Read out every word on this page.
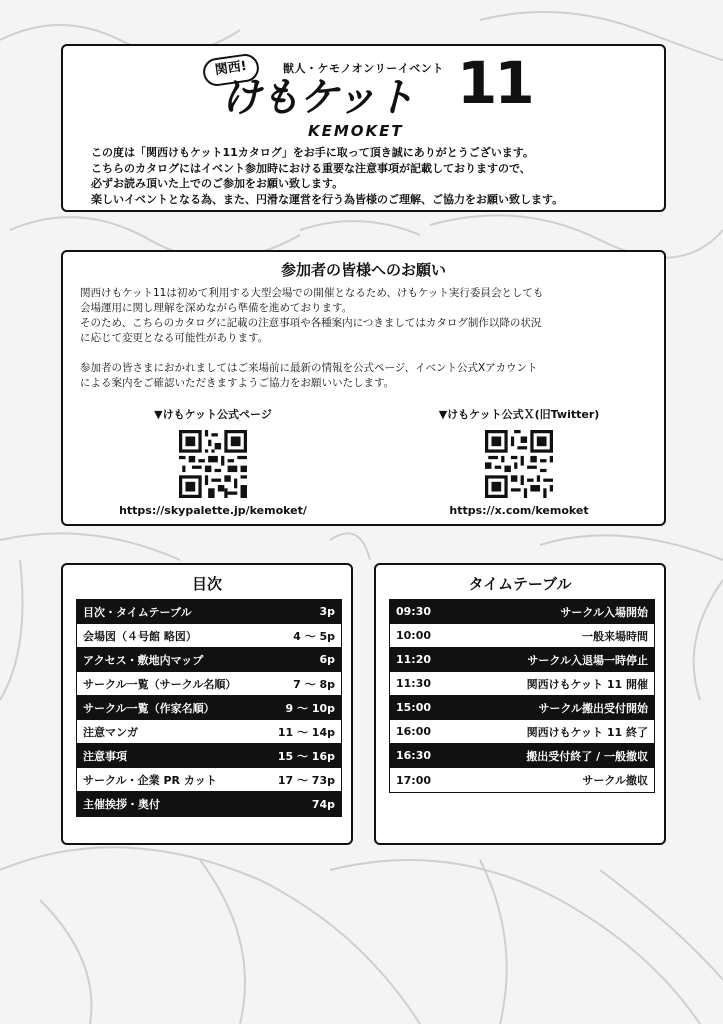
関西!	獣人・ケモノオンリーイベント
けもケット 11
KEMOKET

この度は「関西けもケット11カタログ」をお手に取って頂き誠にありがとうございます。

こちらのカタログにはイベント参加時における重要な注意事項が記載しておりますので、

必ずお読み頂いた上でのご参加をお願い致します。

楽しいイベントとなる為、また、円滑な運営を行う為皆様のご理解、ご協力をお願い致します。

参加者の皆様へのお願い

関西けもケット11は初めて利用する大型会場での開催となるため、けもケット実行委員会としても

会場運用に関し理解を深めながら準備を進めております。

そのため、こちらのカタログに記載の注意事項や各種案内につきましてはカタログ制作以降の状況

に応じて変更となる可能性があります。

参加者の皆さまにおかれましてはご来場前に最新の情報を公式ページ、イベント公式Xアカウント

による案内をご確認いただきますようご協力をお願いいたします。

▼けもケット公式ページ
https://skypalette.jp/kemoket/
▼けもケット公式Ｘ(旧Twitter)
https://x.com/kemoket
目次
目次・タイムテーブル	3p
会場図（４号館 略図）	4 ～ 5p
アクセス・敷地内マップ	6p
サークル一覧（サークル名順）	7 ～ 8p
サークル一覧（作家名順）	9 ～ 10p
注意マンガ	11 ～ 14p
注意事項	15 ～ 16p
サークル・企業 PR カット	17 ～ 73p
主催挨拶・奥付	74p
タイムテーブル
09:30	サークル入場開始
10:00	一般来場時間
11:20	サークル入退場一時停止
11:30	関西けもケット 11 開催
15:00	サークル搬出受付開始
16:00	関西けもケット 11 終了
16:30	搬出受付終了 / 一般撤収
17:00	サークル撤収
